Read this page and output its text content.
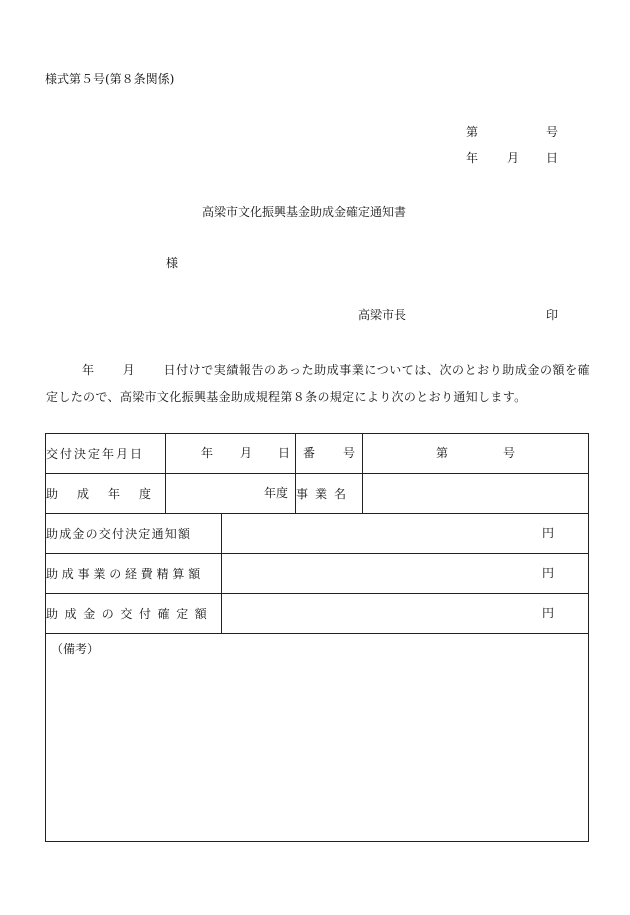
様式第５号(第８条関係)
第	号
年 月 日
高梁市文化振興基金助成金確定通知書
様
高梁市長	印
年 月 日付けで実績報告のあった助成事業については、次のとおり助成金の額を確定したので、高梁市文化振興基金助成規程第８条の規定により次のとおり通知します。
交付決定年月日	年 月 日		番 号	第 号

助成年度	年度		事業名	
助成金の交付決定通知額		円		

助成事業の経費精算額		円		

助成金の交付確定額		円		

（備考）				
